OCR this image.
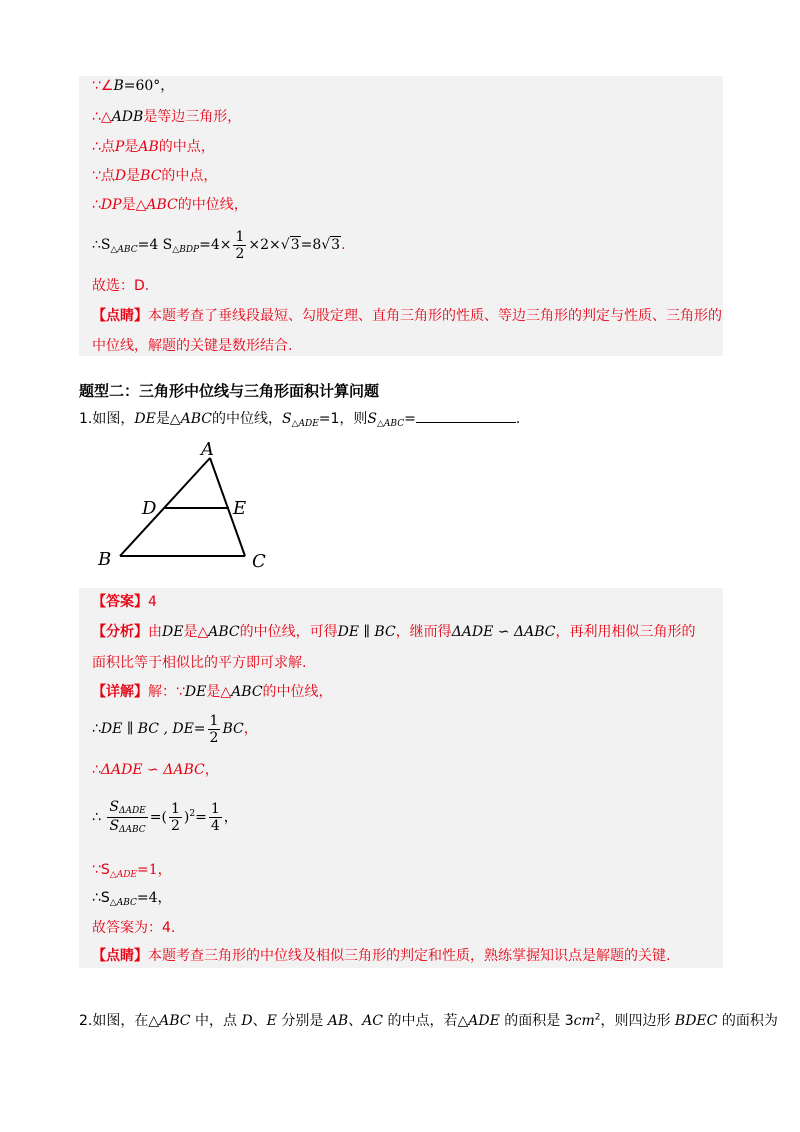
∵∠B=60°，
∴△ADB是等边三角形，
∴点P是AB的中点，
∵点D是BC的中点，
∴DP是△ABC的中位线，
$\therefore S_{\triangle ABC}=4$ $S_{\triangle BDP}=4\times \frac{1}{2} \times 2\times√3=8√3$.
故选：D.
【点睛】本题考查了垂线段最短、勾股定理、直角三角形的性质、等边三角形的判定与性质、三角形的
中位线，解题的关键是数形结合.
题型二：三角形中位线与三角形面积计算问题
1.如图，DE是△ABC的中位线，$S_{\triangle ADE}=1$，则$S_{\triangle ABC}=$	.
A
D	E
B	C
【答案】4
【分析】由DE是△ABC的中位线，可得DE ∥ BC，继而得ΔADE ∽ ΔABC，再利用相似三角形的
面积比等于相似比的平方即可求解.
【详解】解：∵DE是△ABC的中位线，
∴DE ∥ BC , $DE= \frac{1}{2}$ BC，
∴ΔADE ∽ ΔABC，
∴ $\frac{\text{SΔADE}}{\text{SΔABC}}$ =( $\frac{1}{2} )^2= \frac{1}{4}$ ，
$\because S_{\triangle ADE}=1$，
$\therefore S_{\triangle ABC}=4$，
故答案为：4.
【点睛】本题考查三角形的中位线及相似三角形的判定和性质，熟练掌握知识点是解题的关键.
2.如图，在△ABC 中，点 D、E 分别是 AB、AC 的中点，若△ADE 的面积是 $3cm^2$，则四边形 BDEC 的面积为
